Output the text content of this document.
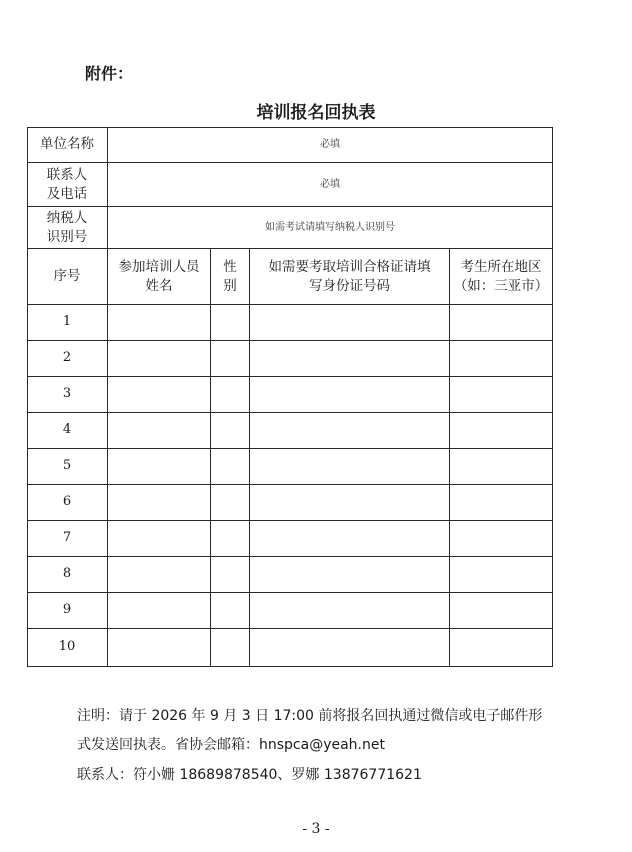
附件：
培训报名回执表
单位名称	必填
联系人
及电话
必填
纳税人
识别号
如需考试请填写纳税人识别号
序号
参加培训人员
姓名
性
别
如需要考取培训合格证请填
写身份证号码
考生所在地区
（如：三亚市）
1
2
3
4
5
6
7
8
9
10
注明：请于 2026 年 9 月 3 日 17:00 前将报名回执通过微信或电子邮件形
式发送回执表。省协会邮箱：hnspca@yeah.net
联系人：符小姗 18689878540、罗娜 13876771621
- 3 -
